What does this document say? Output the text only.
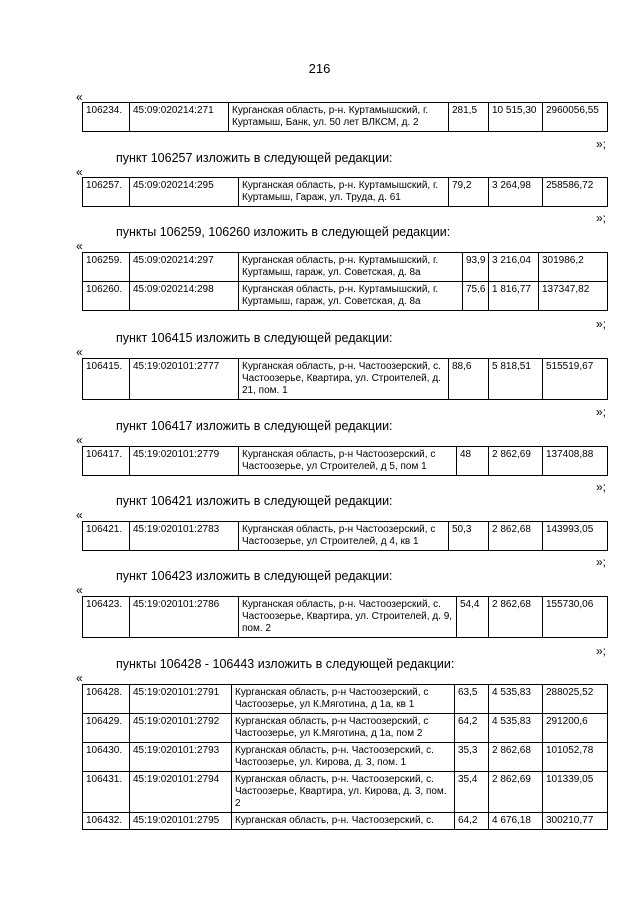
216
«
106234.	45:09:020214:271	Курганская область, р-н. Куртамышский, г. Куртамыш, Банк, ул. 50 лет ВЛКСМ, д. 2	281,5	10 515,30	2960056,55
»;
пункт 106257 изложить в следующей редакции:
«
106257.	45:09:020214:295	Курганская область, р-н. Куртамышский, г. Куртамыш, Гараж, ул. Труда, д. 61	79,2	3 264,98	258586,72
»;
пункты 106259, 106260 изложить в следующей редакции:
«
106259.	45:09:020214:297	Курганская область, р-н. Куртамышский, г. Куртамыш, гараж, ул. Советская, д. 8а	93,9	3 216,04	301986,2
106260.	45:09:020214:298	Курганская область, р-н. Куртамышский, г. Куртамыш, гараж, ул. Советская, д. 8а	75,6	1 816,77	137347,82
»;
пункт 106415 изложить в следующей редакции:
«
106415.	45:19:020101:2777	Курганская область, р-н. Частоозерский, с. Частоозерье, Квартира, ул. Строителей, д. 21, пом. 1	88,6	5 818,51	515519,67
»;
пункт 106417 изложить в следующей редакции:
«
106417.	45:19:020101:2779	Курганская область, р-н Частоозерский, с Частоозерье, ул Строителей, д 5, пом 1	48	2 862,69	137408,88
»;
пункт 106421 изложить в следующей редакции:
«
106421.	45:19:020101:2783	Курганская область, р-н Частоозерский, с Частоозерье, ул Строителей, д 4, кв 1	50,3	2 862,68	143993,05
»;
пункт 106423 изложить в следующей редакции:
«
106423.	45:19:020101:2786	Курганская область, р-н. Частоозерский, с. Частоозерье, Квартира, ул. Строителей, д. 9, пом. 2	54,4	2 862,68	155730,06
»;
пункты 106428 - 106443 изложить в следующей редакции:
«
106428.	45:19:020101:2791	Курганская область, р-н Частоозерский, с Частоозерье, ул К.Мяготина, д 1а, кв 1	63,5	4 535,83	288025,52
106429.	45:19:020101:2792	Курганская область, р-н Частоозерский, с Частоозерье, ул К.Мяготина, д 1а, пом 2	64,2	4 535,83	291200,6
106430.	45:19:020101:2793	Курганская область, р-н. Частоозерский, с. Частоозерье, ул. Кирова, д. 3, пом. 1	35,3	2 862,68	101052,78
106431.	45:19:020101:2794	Курганская область, р-н. Частоозерский, с. Частоозерье, Квартира, ул. Кирова, д. 3, пом. 2	35,4	2 862,69	101339,05
106432.	45:19:020101:2795	Курганская область, р-н. Частоозерский, с.	64,2	4 676,18	300210,77
